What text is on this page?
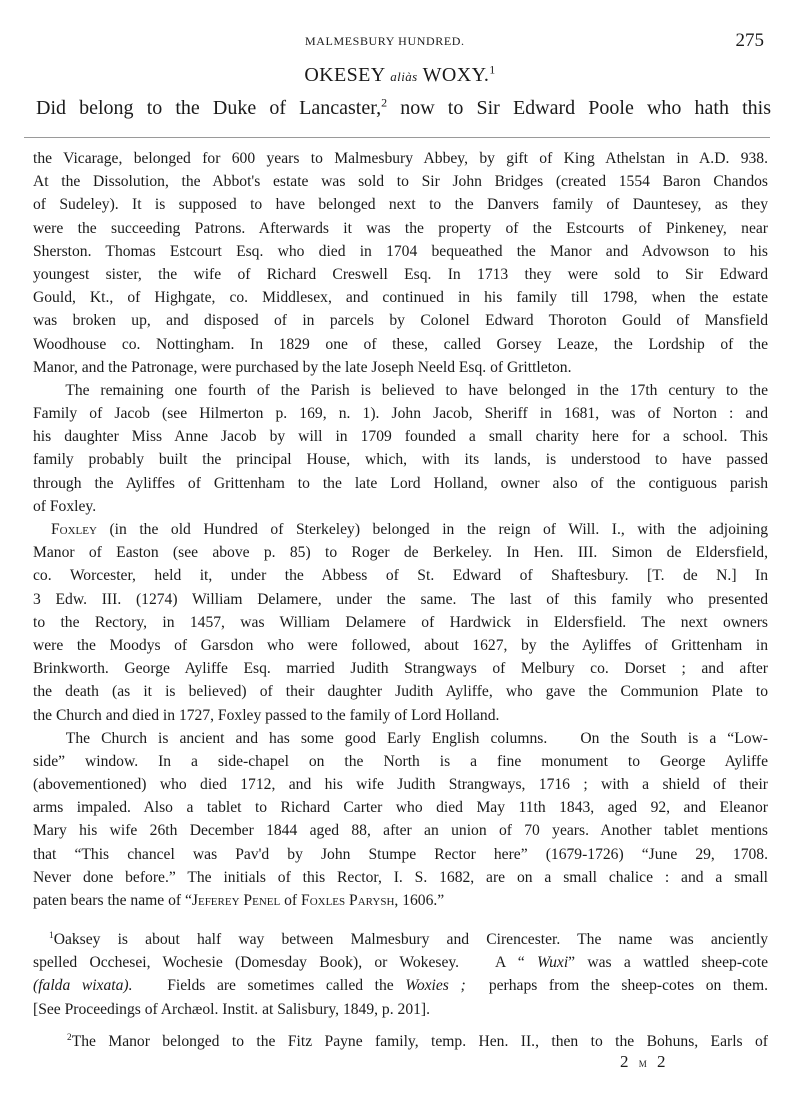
MALMESBURY HUNDRED.	275
OKESEY aliàs WOXY.$^1$
Did belong to the Duke of Lancaster,$^2$ now to Sir Edward Poole who hath this
the Vicarage, belonged for 600 years to Malmesbury Abbey, by gift of King Athelstan in A.D. 938.
At the Dissolution, the Abbot's estate was sold to Sir John Bridges (created 1554 Baron Chandos
of Sudeley). It is supposed to have belonged next to the Danvers family of Dauntesey, as they
were the succeeding Patrons. Afterwards it was the property of the Estcourts of Pinkeney, near
Sherston. Thomas Estcourt Esq. who died in 1704 bequeathed the Manor and Advowson to his
youngest sister, the wife of Richard Creswell Esq. In 1713 they were sold to Sir Edward
Gould, Kt., of Highgate, co. Middlesex, and continued in his family till 1798, when the estate
was broken up, and disposed of in parcels by Colonel Edward Thoroton Gould of Mansfield
Woodhouse co. Nottingham. In 1829 one of these, called Gorsey Leaze, the Lordship of the
Manor, and the Patronage, were purchased by the late Joseph Neeld Esq. of Grittleton.
The remaining one fourth of the Parish is believed to have belonged in the 17th century to the
Family of Jacob (see Hilmerton p. 169, n. 1). John Jacob, Sheriff in 1681, was of Norton : and
his daughter Miss Anne Jacob by will in 1709 founded a small charity here for a school. This
family probably built the principal House, which, with its lands, is understood to have passed
through the Ayliffes of Grittenham to the late Lord Holland, owner also of the contiguous parish
of Foxley.
Foxley (in the old Hundred of Sterkeley) belonged in the reign of Will. I., with the adjoining
Manor of Easton (see above p. 85) to Roger de Berkeley. In Hen. III. Simon de Eldersfield,
co. Worcester, held it, under the Abbess of St. Edward of Shaftesbury. [T. de N.] In
3 Edw. III. (1274) William Delamere, under the same. The last of this family who presented
to the Rectory, in 1457, was William Delamere of Hardwick in Eldersfield. The next owners
were the Moodys of Garsdon who were followed, about 1627, by the Ayliffes of Grittenham in
Brinkworth. George Ayliffe Esq. married Judith Strangways of Melbury co. Dorset ; and after
the death (as it is believed) of their daughter Judith Ayliffe, who gave the Communion Plate to
the Church and died in 1727, Foxley passed to the family of Lord Holland.
The Church is ancient and has some good Early English columns.   On the South is a “Low-
side” window. In a side-chapel on the North is a fine monument to George Ayliffe
(abovementioned) who died 1712, and his wife Judith Strangways, 1716 ; with a shield of their
arms impaled. Also a tablet to Richard Carter who died May 11th 1843, aged 92, and Eleanor
Mary his wife 26th December 1844 aged 88, after an union of 70 years. Another tablet mentions
that “This chancel was Pav'd by John Stumpe Rector here” (1679-1726) “June 29, 1708.
Never done before.” The initials of this Rector, I. S. 1682, are on a small chalice : and a small
paten bears the name of “Jeferey Penel of Foxles Parysh, 1606.”
$^1$Oaksey is about half way between Malmesbury and Cirencester. The name was anciently
spelled Occhesei, Wochesie (Domesday Book), or Wokesey.   A “ Wuxi” was a wattled sheep-cote
(falda wixata).   Fields are sometimes called the Woxies ;  perhaps from the sheep-cotes on them.
[See Proceedings of Archæol. Instit. at Salisbury, 1849, p. 201].
$^2$The Manor belonged to the Fitz Payne family, temp. Hen. II., then to the Bohuns, Earls of
2 m 2
